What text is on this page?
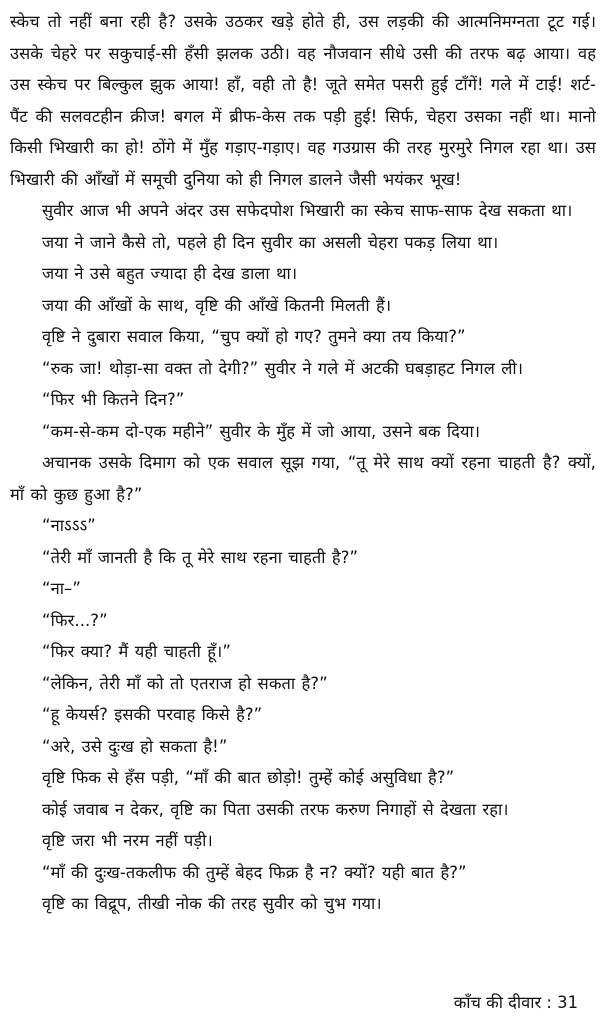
स्केच तो नहीं बना रही है? उसके उठकर खड़े होते ही, उस लड़की की आत्मनिमग्नता टूट गई। उसके चेहरे पर सकुचाई-सी हँसी झलक उठी। वह नौजवान सीधे उसी की तरफ बढ़ आया। वह उस स्केच पर बिल्कुल झुक आया! हाँ, वही तो है! जूते समेत पसरी हुई टाँगें! गले में टाई! शर्ट-पैंट की सलवटहीन क्रीज! बगल में ब्रीफ-केस तक पड़ी हुई! सिर्फ, चेहरा उसका नहीं था। मानो किसी भिखारी का हो! ठोंगे में मुँह गड़ाए-गड़ाए। वह गउग्रास की तरह मुरमुरे निगल रहा था। उस भिखारी की आँखों में समूची दुनिया को ही निगल डालने जैसी भयंकर भूख!

सुवीर आज भी अपने अंदर उस सफेदपोश भिखारी का स्केच साफ-साफ देख सकता था।

जया ने जाने कैसे तो, पहले ही दिन सुवीर का असली चेहरा पकड़ लिया था।

जया ने उसे बहुत ज्यादा ही देख डाला था।

जया की आँखों के साथ, वृष्टि की आँखें कितनी मिलती हैं।

वृष्टि ने दुबारा सवाल किया, “चुप क्यों हो गए? तुमने क्या तय किया?”

“रुक जा! थोड़ा-सा वक्त तो देगी?” सुवीर ने गले में अटकी घबड़ाहट निगल ली।

“फिर भी कितने दिन?”

“कम-से-कम दो-एक महीने” सुवीर के मुँह में जो आया, उसने बक दिया।

अचानक उसके दिमाग को एक सवाल सूझ गया, “तू मेरे साथ क्यों रहना चाहती है? क्यों, माँ को कुछ हुआ है?”

“नाऽऽऽ”

“तेरी माँ जानती है कि तू मेरे साथ रहना चाहती है?”

“ना–”

“फिर...?”

“फिर क्या? मैं यही चाहती हूँ।”

“लेकिन, तेरी माँ को तो एतराज हो सकता है?”

“हू केयर्स? इसकी परवाह किसे है?”

“अरे, उसे दुःख हो सकता है!”

वृष्टि फिक से हँस पड़ी, “माँ की बात छोड़ो! तुम्हें कोई असुविधा है?”

कोई जवाब न देकर, वृष्टि का पिता उसकी तरफ करुण निगाहों से देखता रहा।

वृष्टि जरा भी नरम नहीं पड़ी।

“माँ की दुःख-तकलीफ की तुम्हें बेहद फिक्र है न? क्यों? यही बात है?”

वृष्टि का विद्रूप, तीखी नोक की तरह सुवीर को चुभ गया।

काँच की दीवार : 31
